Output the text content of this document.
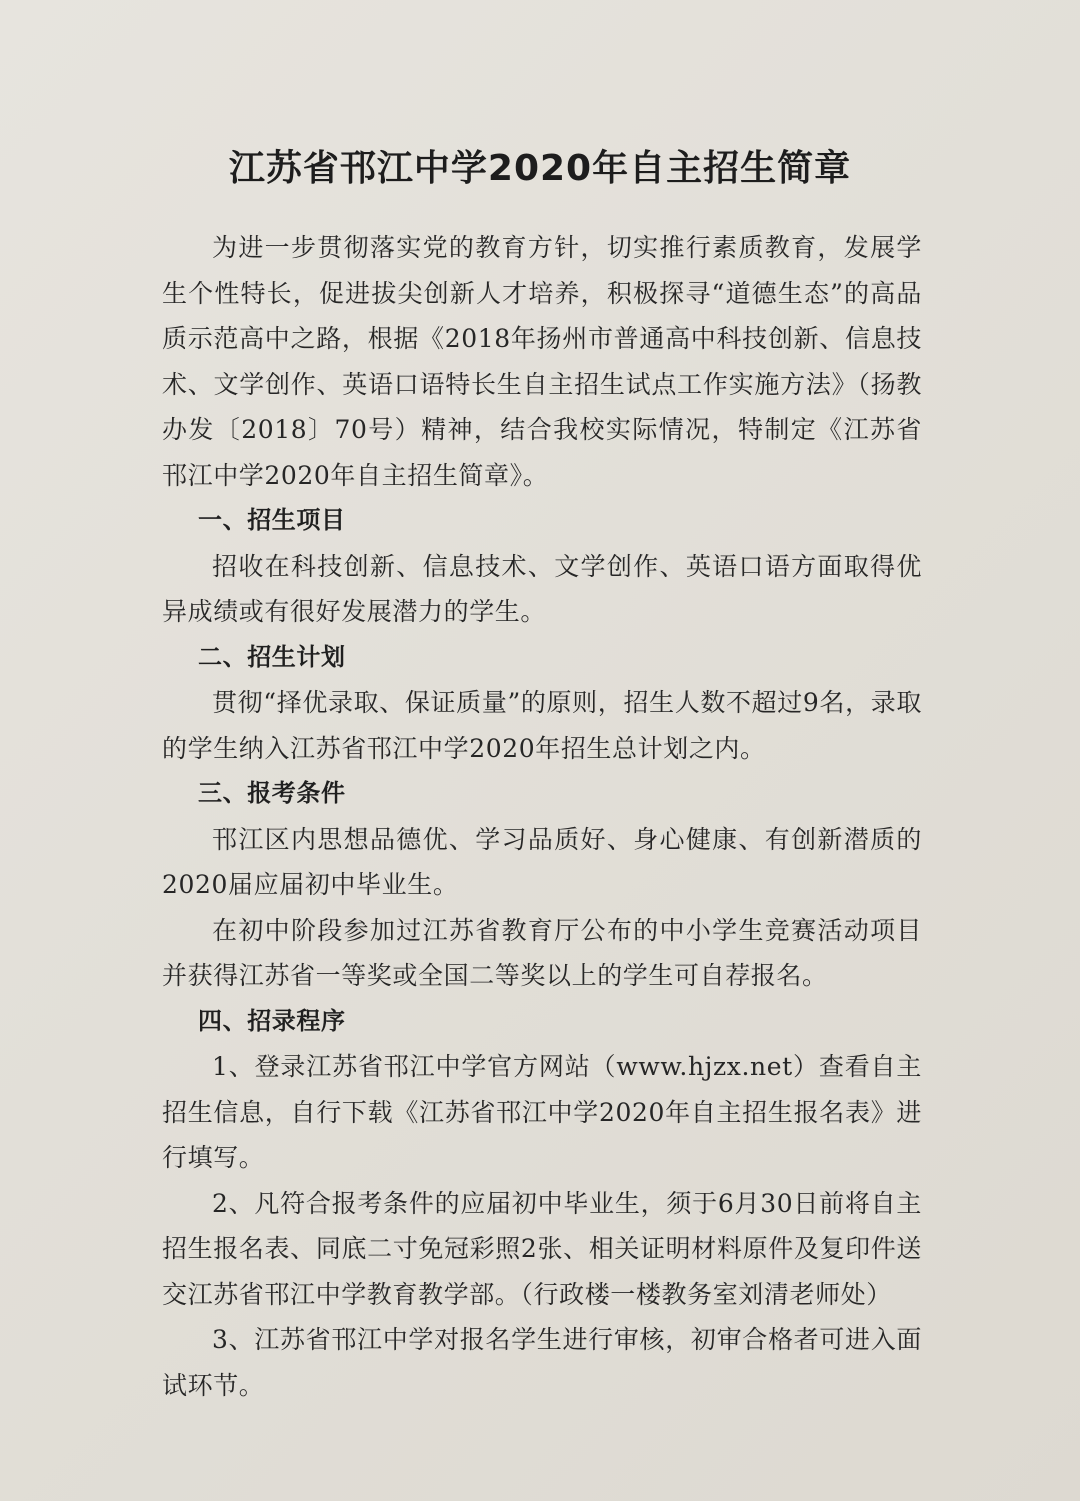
江苏省邗江中学2020年自主招生简章

为进一步贯彻落实党的教育方针，切实推行素质教育，发展学生个性特长，促进拔尖创新人才培养，积极探寻“道德生态”的高品质示范高中之路，根据《2018年扬州市普通高中科技创新、信息技术、文学创作、英语口语特长生自主招生试点工作实施方法》（扬教办发〔2018〕70号）精神，结合我校实际情况，特制定《江苏省邗江中学2020年自主招生简章》。

一、招生项目

招收在科技创新、信息技术、文学创作、英语口语方面取得优异成绩或有很好发展潜力的学生。

二、招生计划

贯彻“择优录取、保证质量”的原则，招生人数不超过9名，录取的学生纳入江苏省邗江中学2020年招生总计划之内。

三、报考条件

邗江区内思想品德优、学习品质好、身心健康、有创新潜质的2020届应届初中毕业生。

在初中阶段参加过江苏省教育厅公布的中小学生竞赛活动项目并获得江苏省一等奖或全国二等奖以上的学生可自荐报名。

四、招录程序

1、登录江苏省邗江中学官方网站（www.hjzx.net）查看自主招生信息，自行下载《江苏省邗江中学2020年自主招生报名表》进行填写。

2、凡符合报考条件的应届初中毕业生，须于6月30日前将自主招生报名表、同底二寸免冠彩照2张、相关证明材料原件及复印件送交江苏省邗江中学教育教学部。（行政楼一楼教务室刘清老师处）

3、江苏省邗江中学对报名学生进行审核，初审合格者可进入面试环节。
